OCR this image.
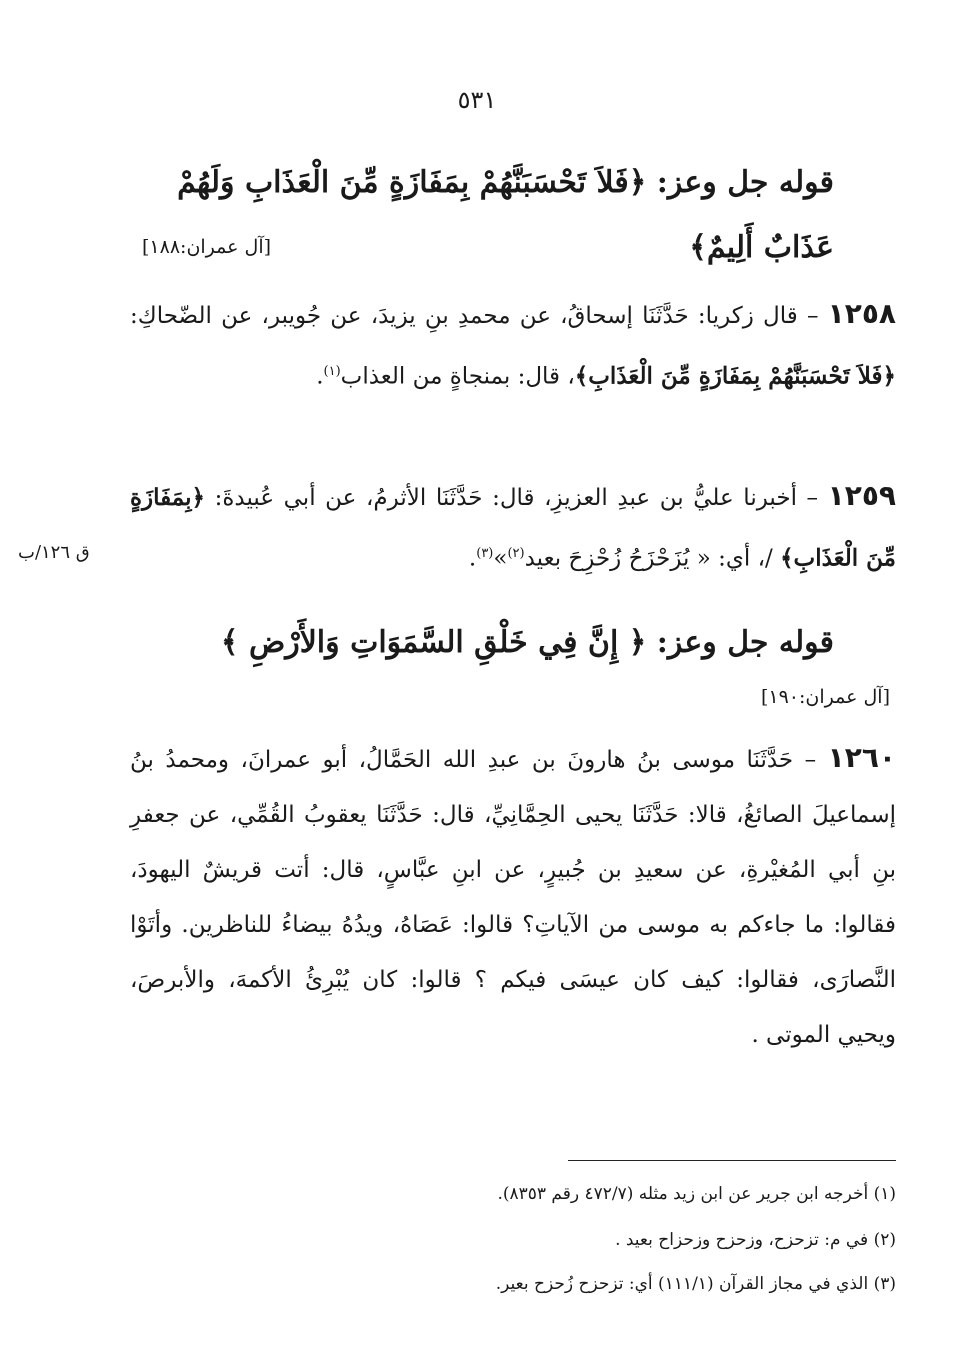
٥٣١
قوله جل وعز: ﴿فَلاَ تَحْسَبَنَّهُمْ بِمَفَازَةٍ مِّنَ الْعَذَابِ وَلَهُمْ
عَذَابٌ أَلِيمٌ﴾
[آل عمران:١٨٨]
١٢٥٨ – قال زكريا: حَدَّثَنَا إسحاقُ، عن محمدِ بنِ يزيدَ، عن جُويبر، عن الضّحاكِ: ﴿فَلاَ تَحْسَبَنَّهُمْ بِمَفَازَةٍ مِّنَ الْعَذَابِ﴾، قال: بمنجاةٍ من العذاب$^{(١)}$.
١٢٥٩ – أخبرنا عليُّ بن عبدِ العزيزِ، قال: حَدَّثَنَا الأثرمُ، عن أبي عُبيدةَ: ﴿بِمَفَازَةٍ مِّنَ الْعَذَابِ﴾ /، أي: « يُزَحْزَحُ زُحْزِحَ بعيد$^{(٢)}$»$^{(٣)}$.
ق ١٢٦/ب
قوله جل وعز: ﴿ إِنَّ فِي خَلْقِ السَّمَوَاتِ وَالأَرْضِ ﴾
[آل عمران:١٩٠]
١٢٦٠ – حَدَّثَنَا موسى بنُ هارونَ بن عبدِ الله الحَمَّالُ، أبو عمرانَ، ومحمدُ بنُ إسماعيلَ الصائغُ، قالا: حَدَّثَنَا يحيى الحِمَّانِيِّ، قال: حَدَّثَنَا يعقوبُ القُمِّي، عن جعفرِ بنِ أبي المُغيْرةِ، عن سعيدِ بن جُبيرٍ، عن ابنِ عبَّاسٍ، قال: أتت قريشٌ اليهودَ، فقالوا: ما جاءكم به موسى من الآياتِ؟ قالوا: عَصَاهُ، ويدُهُ بيضاءُ للناظرين. وأتَوْا النَّصارَى، فقالوا: كيف كان عيسَى فيكم ؟ قالوا: كان يُبْرِئُ الأكمهَ، والأبرصَ، ويحيي الموتى .
(١) أخرجه ابن جرير عن ابن زيد مثله (٤٧٢/٧ رقم ٨٣٥٣).
(٢) في م: تزحزح، وزحزح وزحزاح بعيد .
(٣) الذي في مجاز القرآن (١١١/١) أي: تزحزح زُحزح بعير.
